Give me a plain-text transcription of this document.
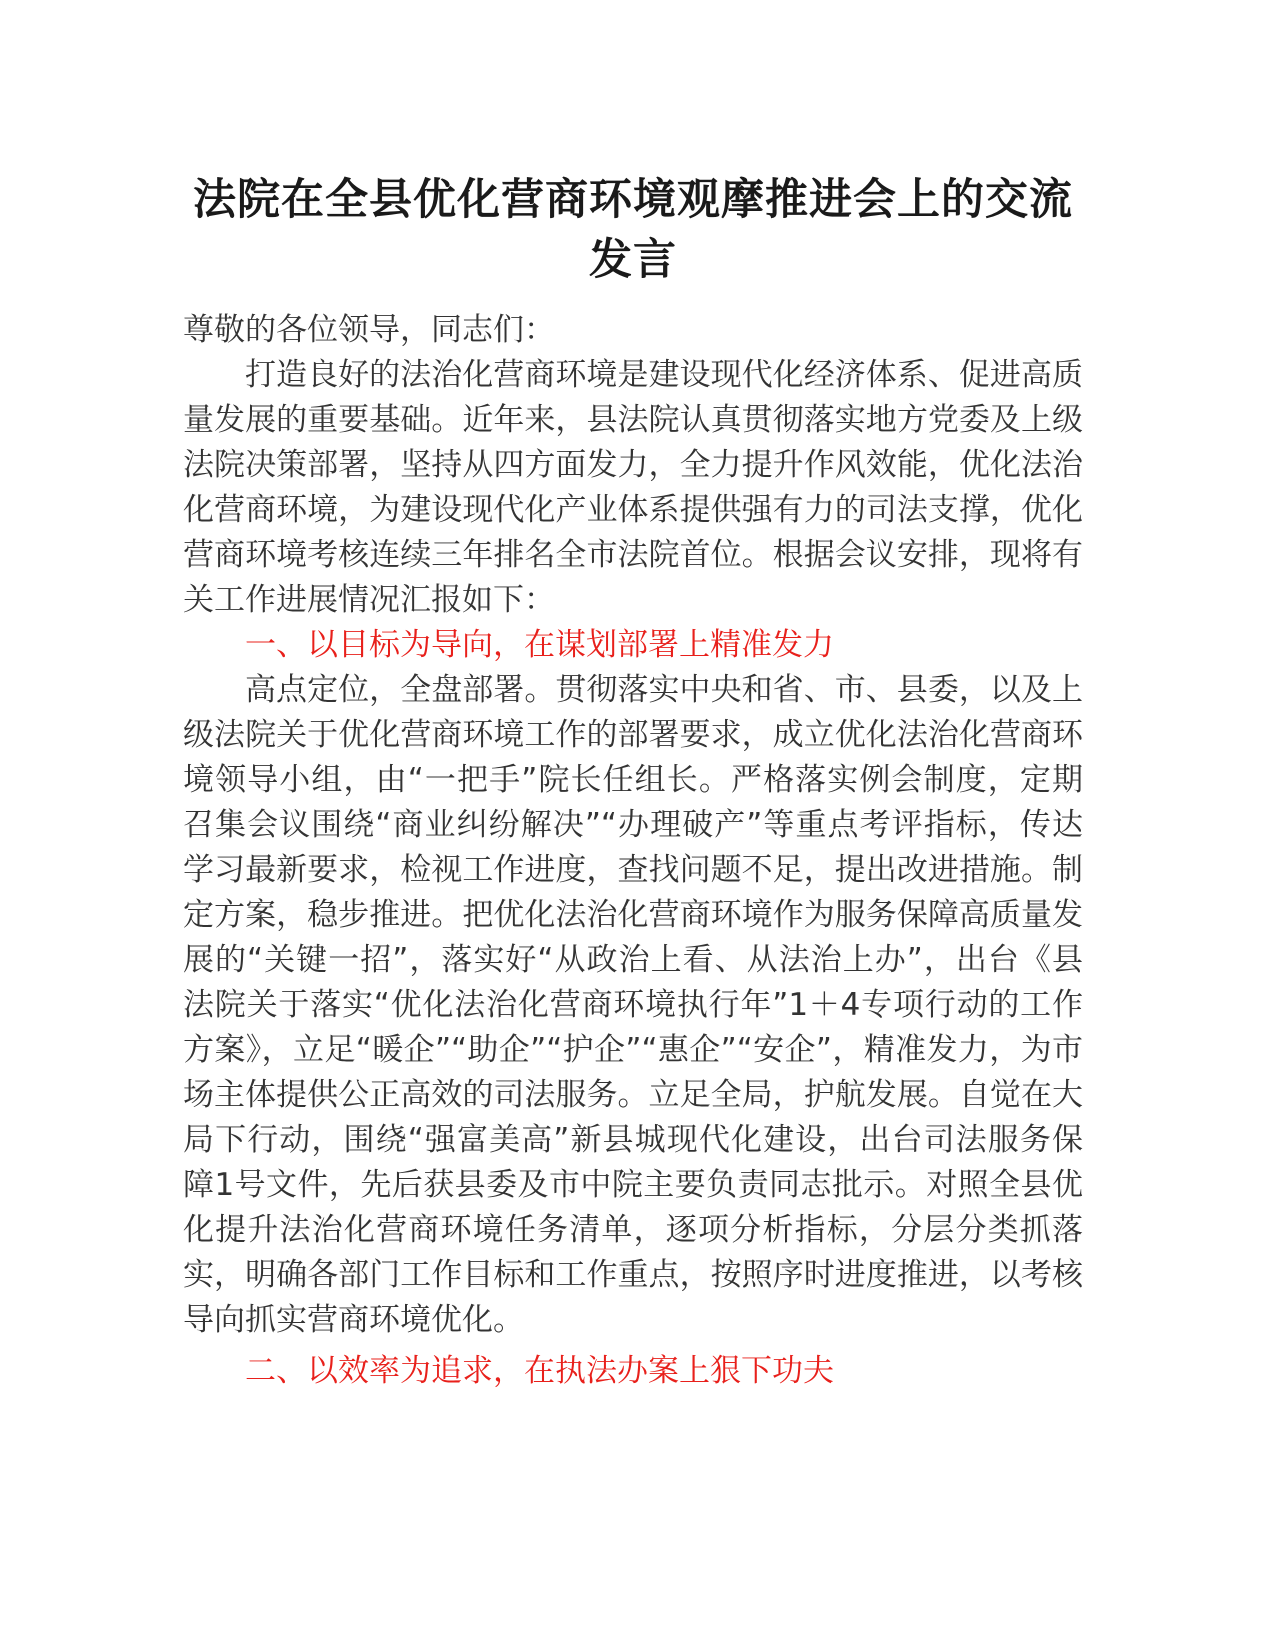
法院在全县优化营商环境观摩推进会上的交流发言

尊敬的各位领导，同志们：

打造良好的法治化营商环境是建设现代化经济体系、促进高质量发展的重要基础。近年来，县法院认真贯彻落实地方党委及上级法院决策部署，坚持从四方面发力，全力提升作风效能，优化法治化营商环境，为建设现代化产业体系提供强有力的司法支撑，优化营商环境考核连续三年排名全市法院首位。根据会议安排，现将有关工作进展情况汇报如下：

一、以目标为导向，在谋划部署上精准发力

高点定位，全盘部署。贯彻落实中央和省、市、县委，以及上级法院关于优化营商环境工作的部署要求，成立优化法治化营商环境领导小组，由“一把手”院长任组长。严格落实例会制度，定期召集会议围绕“商业纠纷解决”“办理破产”等重点考评指标，传达学习最新要求，检视工作进度，查找问题不足，提出改进措施。制定方案，稳步推进。把优化法治化营商环境作为服务保障高质量发展的“关键一招”，落实好“从政治上看、从法治上办”，出台《县法院关于落实“优化法治化营商环境执行年”1＋4专项行动的工作方案》，立足“暖企”“助企”“护企”“惠企”“安企”，精准发力，为市场主体提供公正高效的司法服务。立足全局，护航发展。自觉在大局下行动，围绕“强富美高”新县城现代化建设，出台司法服务保障1号文件，先后获县委及市中院主要负责同志批示。对照全县优化提升法治化营商环境任务清单，逐项分析指标，分层分类抓落实，明确各部门工作目标和工作重点，按照序时进度推进，以考核导向抓实营商环境优化。

二、以效率为追求，在执法办案上狠下功夫
